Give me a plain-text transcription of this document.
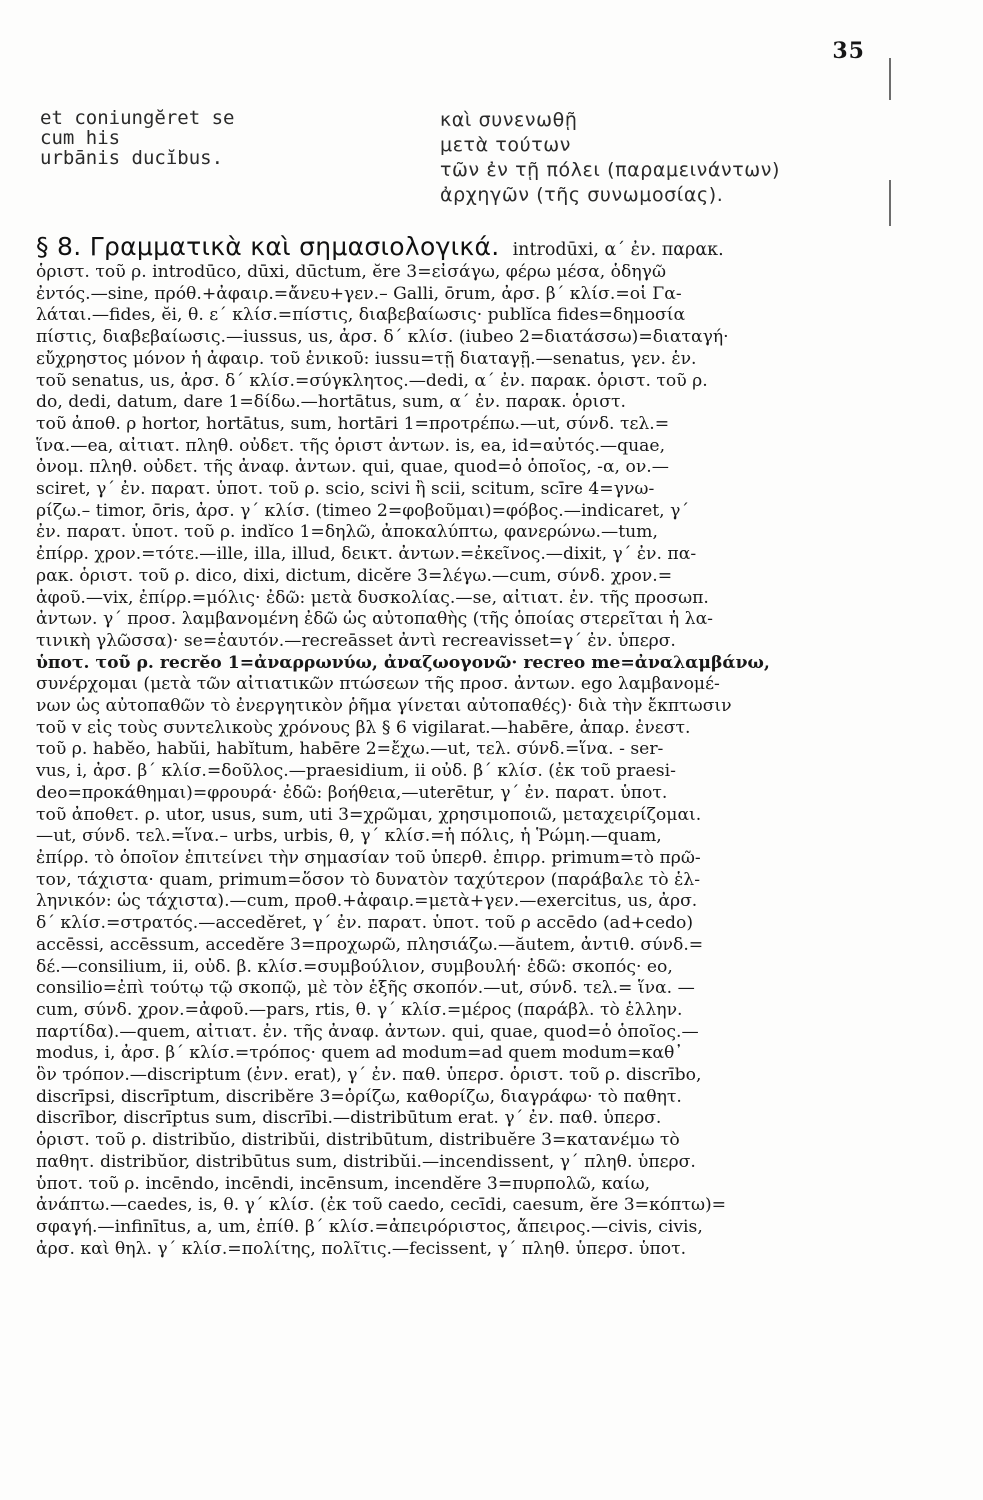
35
et coniungĕret se
cum his
urbānis ducĭbus.
καὶ συνενωθῇ
μετὰ τούτων
τῶν ἐν τῇ πόλει (παραμεινάντων)
ἀρχηγῶν (τῆς συνωμοσίας).
§ 8. Γραμματικὰ καὶ σημασιολογικά. introdūxi, α´ ἐν. παρακ.
ὁριστ. τοῦ ρ. introdūco, dūxi, dūctum, ĕre 3=εἰσάγω, φέρω μέσα, ὁδηγῶ
ἐντός.—sine, πρόθ.+ἀφαιρ.=ἄνευ+γεν.– Galli, ōrum, ἀρσ. β´ κλίσ.=οἱ Γα-
λάται.—fides, ĕi, θ. ε´ κλίσ.=πίστις, διαβεβαίωσις· publĭca fides=δημοσία
πίστις, διαβεβαίωσις.—iussus, us, ἀρσ. δ´ κλίσ. (iubeo 2=διατάσσω)=διαταγή·
εὔχρηστος μόνον ἡ ἀφαιρ. τοῦ ἑνικοῦ: iussu=τῇ διαταγῇ.—senatus, γεν. ἑν.
τοῦ senatus, us, ἀρσ. δ´ κλίσ.=σύγκλητος.—dedi, α´ ἐν. παρακ. ὁριστ. τοῦ ρ.
do, dedi, datum, dare 1=δίδω.—hortātus, sum, α´ ἐν. παρακ. ὁριστ.
τοῦ ἀποθ. ρ hortor, hortātus, sum, hortāri 1=προτρέπω.—ut, σύνδ. τελ.=
ἵνα.—ea, αἰτιατ. πληθ. οὐδετ. τῆς ὁριστ ἀντων. is, ea, id=αὐτός.—quae,
ὀνομ. πληθ. οὐδετ. τῆς ἀναφ. ἀντων. qui, quae, quod=ὁ ὁποῖος, -α, ον.—
sciret, γ´ ἐν. παρατ. ὑποτ. τοῦ ρ. scio, scivi ἢ scii, scitum, scīre 4=γνω-
ρίζω.– timor, ōris, ἀρσ. γ´ κλίσ. (timeo 2=φοβοῦμαι)=φόβος.—indicaret, γ´
ἐν. παρατ. ὑποτ. τοῦ ρ. indĭco 1=δηλῶ, ἀποκαλύπτω, φανερώνω.—tum,
ἐπίρρ. χρον.=τότε.—ille, illa, illud, δεικτ. ἀντων.=ἐκεῖνος.—dixit, γ´ ἐν. πα-
ρακ. ὁριστ. τοῦ ρ. dico, dixi, dictum, dicĕre 3=λέγω.—cum, σύνδ. χρον.=
ἀφοῦ.—vix, ἐπίρρ.=μόλις· ἐδῶ: μετὰ δυσκολίας.—se, αἰτιατ. ἐν. τῆς προσωπ.
ἀντων. γ´ προσ. λαμβανομένη ἐδῶ ὡς αὐτοπαθὴς (τῆς ὁποίας στερεῖται ἡ λα-
τινικὴ γλῶσσα)· se=ἑαυτόν.—recreāsset ἀντὶ recreavisset=γ´ ἐν. ὑπερσ.
ὑποτ. τοῦ ρ. recrĕo 1=ἀναρρωνύω, ἀναζωογονῶ· recreo me=ἀναλαμβάνω,
συνέρχομαι (μετὰ τῶν αἰτιατικῶν πτώσεων τῆς προσ. ἀντων. ego λαμβανομέ-
νων ὡς αὐτοπαθῶν τὸ ἐνεργητικὸν ῥῆμα γίνεται αὐτοπαθές)· διὰ τὴν ἔκπτωσιν
τοῦ v εἰς τοὺς συντελικοὺς χρόνους βλ § 6 vigilarat.—habēre, ἀπαρ. ἐνεστ.
τοῦ ρ. habĕo, habŭi, habĭtum, habēre 2=ἔχω.—ut, τελ. σύνδ.=ἵνα. - ser-
vus, i, ἀρσ. β´ κλίσ.=δοῦλος.—praesidium, ii οὐδ. β´ κλίσ. (ἐκ τοῦ praesi-
deo=προκάθημαι)=φρουρά· ἐδῶ: βοήθεια,—uterētur, γ´ ἐν. παρατ. ὑποτ.
τοῦ ἀποθετ. ρ. utor, usus, sum, uti 3=χρῶμαι, χρησιμοποιῶ, μεταχειρίζομαι.
—ut, σύνδ. τελ.=ἵνα.– urbs, urbis, θ, γ´ κλίσ.=ἡ πόλις, ἡ Ῥώμη.—quam,
ἐπίρρ. τὸ ὁποῖον ἐπιτείνει τὴν σημασίαν τοῦ ὑπερθ. ἐπιρρ. primum=τὸ πρῶ-
τον, τάχιστα· quam, primum=ὅσον τὸ δυνατὸν ταχύτερον (παράβαλε τὸ ἑλ-
ληνικόν: ὡς τάχιστα).—cum, προθ.+ἀφαιρ.=μετὰ+γεν.—exercitus, us, ἀρσ.
δ´ κλίσ.=στρατός.—accedĕret, γ´ ἐν. παρατ. ὑποτ. τοῦ ρ accēdo (ad+cedo)
accēssi, accēssum, accedĕre 3=προχωρῶ, πλησιάζω.—ăutem, ἀντιθ. σύνδ.=
δέ.—consilium, ii, οὐδ. β. κλίσ.=συμβούλιον, συμβουλή· ἐδῶ: σκοπός· eo,
consilio=ἐπὶ τούτῳ τῷ σκοπῷ, μὲ τὸν ἑξῆς σκοπόν.—ut, σύνδ. τελ.= ἵνα. —
cum, σύνδ. χρον.=ἀφοῦ.—pars, rtis, θ. γ´ κλίσ.=μέρος (παράβλ. τὸ ἑλλην.
παρτίδα).—quem, αἰτιατ. ἐν. τῆς ἀναφ. ἀντων. qui, quae, quod=ὁ ὁποῖος.—
modus, i, ἀρσ. β´ κλίσ.=τρόπος· quem ad modum=ad quem modum=καθ᾿
ὃν τρόπον.—discriptum (ἐνν. erat), γ´ ἐν. παθ. ὑπερσ. ὁριστ. τοῦ ρ. discrībo,
discrīpsi, discrīptum, discribĕre 3=ὁρίζω, καθορίζω, διαγράφω· τὸ παθητ.
discrībor, discrīptus sum, discrībi.—distribūtum erat. γ´ ἐν. παθ. ὑπερσ.
ὁριστ. τοῦ ρ. distribŭo, distribŭi, distribūtum, distribuĕre 3=κατανέμω τὸ
παθητ. distribŭor, distribūtus sum, distribŭi.—incendissent, γ´ πληθ. ὑπερσ.
ὑποτ. τοῦ ρ. incēndo, incēndi, incēnsum, incendĕre 3=πυρπολῶ, καίω,
ἀνάπτω.—caedes, is, θ. γ´ κλίσ. (ἐκ τοῦ caedo, cecīdi, caesum, ĕre 3=κόπτω)=
σφαγή.—infinītus, a, um, ἐπίθ. β´ κλίσ.=ἀπειρόριστος, ἄπειρος.—civis, civis,
ἀρσ. καὶ θηλ. γ´ κλίσ.=πολίτης, πολῖτις.—fecissent, γ´ πληθ. ὑπερσ. ὑποτ.
